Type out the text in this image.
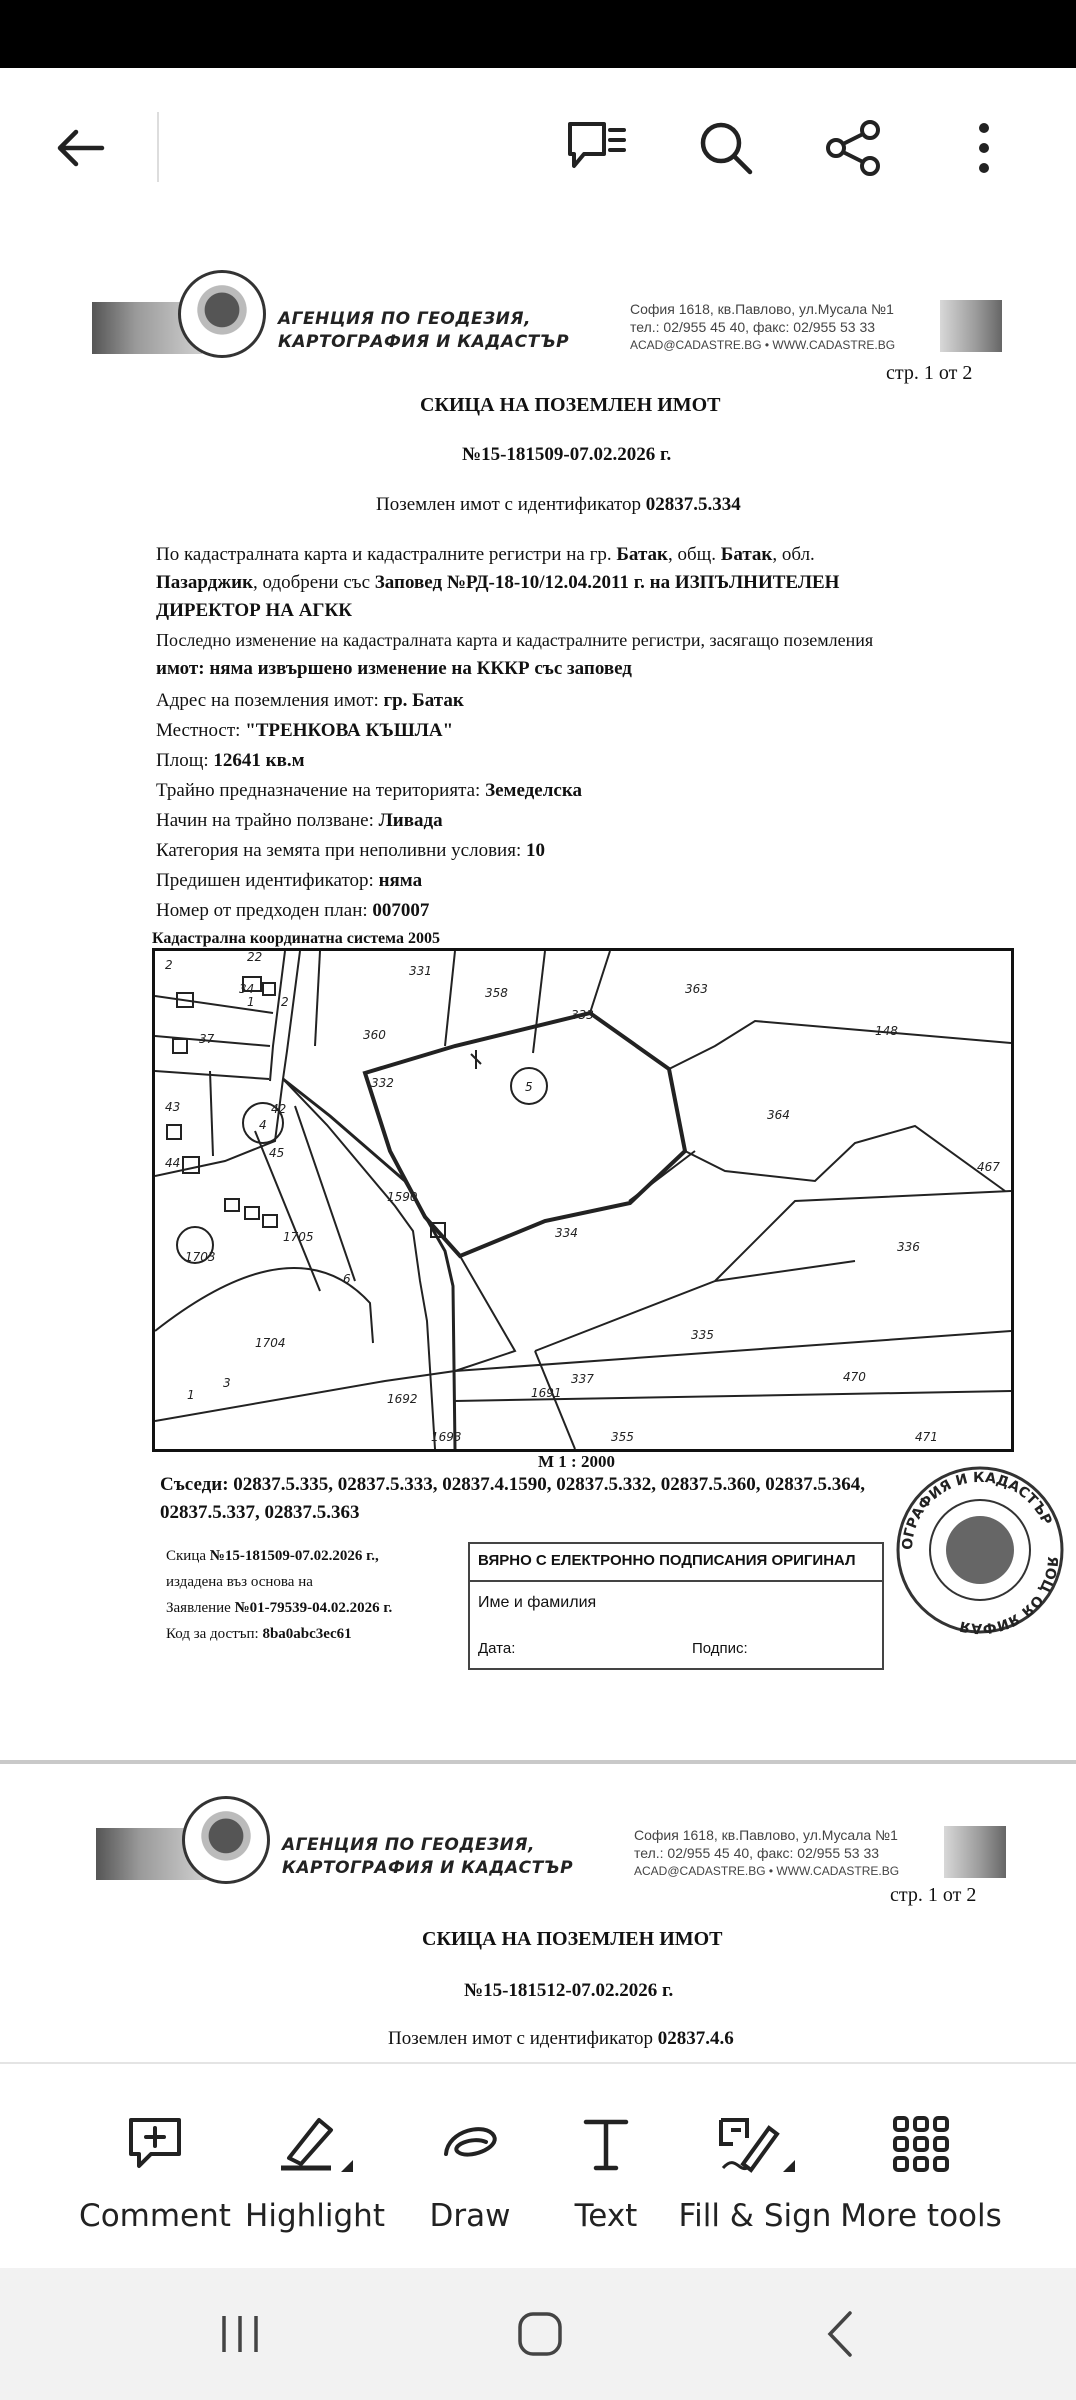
АГЕНЦИЯ ПО ГЕОДЕЗИЯ,
КАРТОГРАФИЯ И КАДАСТЪР
София 1618, кв.Павлово, ул.Мусала №1
тел.: 02/955 45 40, факс: 02/955 53 33
ACAD@CADASTRE.BG • WWW.CADASTRE.BG
стр. 1 от 2
СКИЦА НА ПОЗЕМЛЕН ИМОТ
№15-181509-07.02.2026 г.
Поземлен имот с идентификатор 02837.5.334
По кадастралната карта и кадастралните регистри на гр. Батак, общ. Батак, обл.
Пазарджик, одобрени със Заповед №РД-18-10/12.04.2011 г. на ИЗПЪЛНИТЕЛЕН
ДИРЕКТОР НА АГКК
Последно изменение на кадастралната карта и кадастралните регистри, засягащо поземления
имот: няма извършено изменение на КККР със заповед
Адрес на поземления имот: гр. Батак
Местност: "ТРЕНКОВА КЪШЛА"
Площ: 12641 кв.м
Трайно предназначение на територията: Земеделска
Начин на трайно ползване: Ливада
Категория на земята при неполивни условия: 10
Предишен идентификатор: няма
Номер от предходен план: 007007
Кадастрална координатна система 2005
2
22
34
1 2
37
331
358
333
363
148
360
332
43	42
44
45
4
1590
5
364
467
1705
6
334
1703
336
335
1704
3
1
337	470
1692	1691
1693	355	471
М 1 : 2000
Съседи: 02837.5.335, 02837.5.333, 02837.4.1590, 02837.5.332, 02837.5.360, 02837.5.364,
02837.5.337, 02837.5.363
Скица №15-181509-07.02.2026 г.,
издадена въз основа на
Заявление №01-79539-04.02.2026 г.
Код за достъп: 8ba0abc3ec61
ВЯРНО С ЕЛЕКТРОННО ПОДПИСАНИЯ ОРИГИНАЛ
Име и фамилия
Дата:	Подпис:
ОГРАФИЯ И КАДАСТЪР
ЯОЦ ОЯ ЯИФАЯ
АГЕНЦИЯ ПО ГЕОДЕЗИЯ,
КАРТОГРАФИЯ И КАДАСТЪР
София 1618, кв.Павлово, ул.Мусала №1
тел.: 02/955 45 40, факс: 02/955 53 33
ACAD@CADASTRE.BG • WWW.CADASTRE.BG
стр. 1 от 2
СКИЦА НА ПОЗЕМЛЕН ИМОТ
№15-181512-07.02.2026 г.
Поземлен имот с идентификатор 02837.4.6
Comment Highlight Draw Text Fill & Sign More tools
